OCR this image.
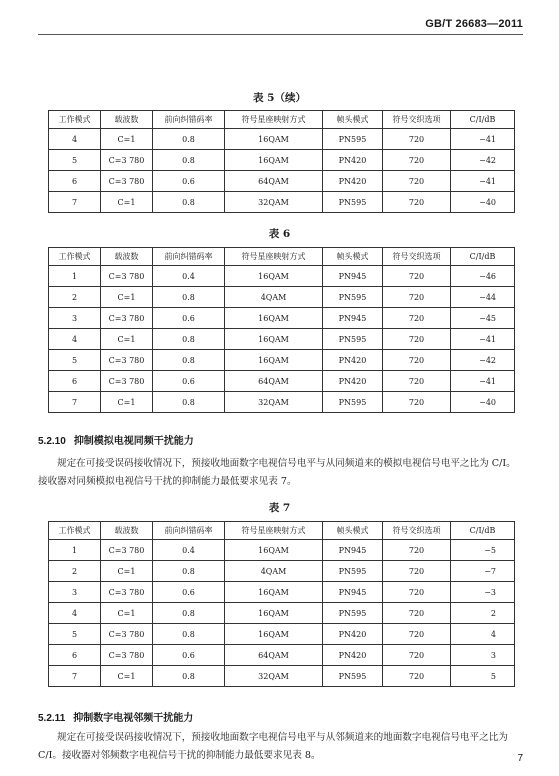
GB/T 26683—2011
表 5（续）
工作模式	载波数	前向纠错码率	符号星座映射方式	帧头模式	符号交织选项	C/I/dB
4	C=1	0.8	16QAM	PN595	720	−41
5	C=3 780	0.8	16QAM	PN420	720	−42
6	C=3 780	0.6	64QAM	PN420	720	−41
7	C=1	0.8	32QAM	PN595	720	−40
表 6
工作模式	载波数	前向纠错码率	符号星座映射方式	帧头模式	符号交织选项	C/I/dB
1	C=3 780	0.4	16QAM	PN945	720	−46
2	C=1	0.8	4QAM	PN595	720	−44
3	C=3 780	0.6	16QAM	PN945	720	−45
4	C=1	0.8	16QAM	PN595	720	−41
5	C=3 780	0.8	16QAM	PN420	720	−42
6	C=3 780	0.6	64QAM	PN420	720	−41
7	C=1	0.8	32QAM	PN595	720	−40
5.2.10 抑制模拟电视同频干扰能力

规定在可接受误码接收情况下，预接收地面数字电视信号电平与从同频道来的模拟电视信号电平之比为 C/I。接收器对同频模拟电视信号干扰的抑制能力最低要求见表 7。

表 7
工作模式	载波数	前向纠错码率	符号星座映射方式	帧头模式	符号交织选项	C/I/dB
1	C=3 780	0.4	16QAM	PN945	720	−5
2	C=1	0.8	4QAM	PN595	720	−7
3	C=3 780	0.6	16QAM	PN945	720	−3
4	C=1	0.8	16QAM	PN595	720	2
5	C=3 780	0.8	16QAM	PN420	720	4
6	C=3 780	0.6	64QAM	PN420	720	3
7	C=1	0.8	32QAM	PN595	720	5
5.2.11 抑制数字电视邻频干扰能力

规定在可接受误码接收情况下，预接收地面数字电视信号电平与从邻频道来的地面数字电视信号电平之比为 C/I。接收器对邻频数字电视信号干扰的抑制能力最低要求见表 8。	7
